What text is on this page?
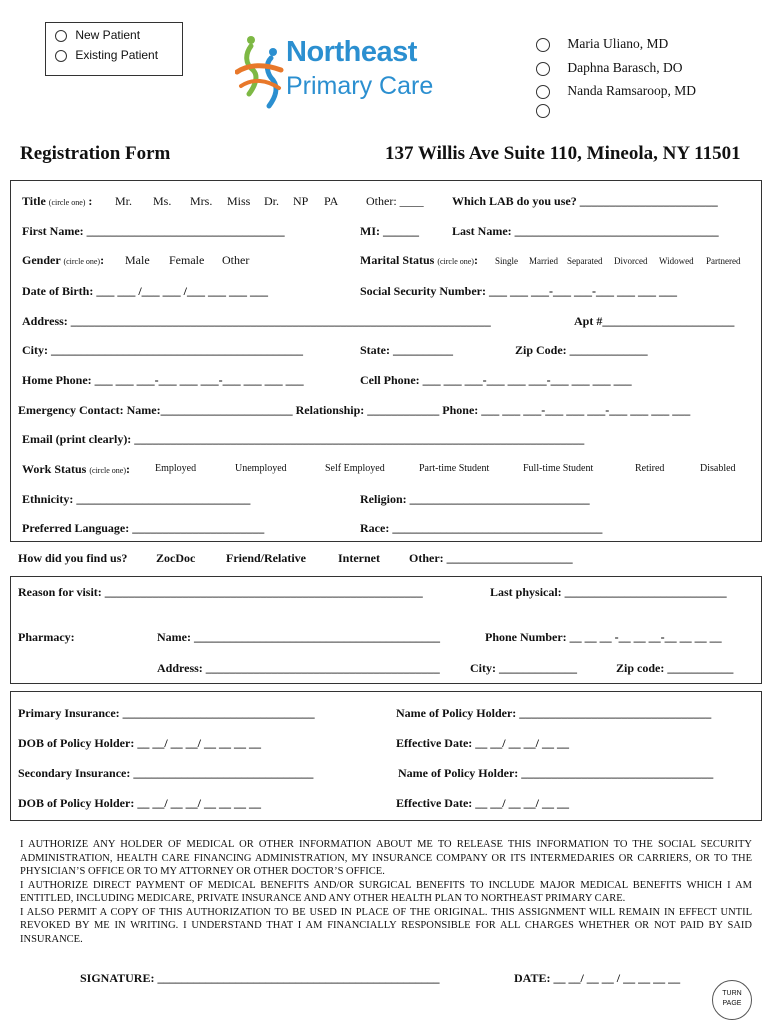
New Patient
Existing Patient	Northeast
Primary Care
Maria Uliano, MD
Daphna Barasch, DO
Nanda Ramsaroop, MD
Registration Form	137 Willis Ave Suite 110, Mineola, NY 11501
Title (circle one) : Mr. Ms. Mrs. Miss Dr. NP PA Other: ____ Which LAB do you use? _______________________
First Name: _________________________________	MI: ______	Last Name: __________________________________
Gender (circle one): Male Female Other	Marital Status (circle one): Single Married Separated Divorced Widowed Partnered
Date of Birth: ___ ___ /___ ___ /___ ___ ___ ___	Social Security Number: ___ ___ ___-___ ___-___ ___ ___ ___
Address: ______________________________________________________________________	Apt #______________________
City: __________________________________________	State: __________	Zip Code: _____________
Home Phone: ___ ___ ___-___ ___ ___-___ ___ ___ ___	Cell Phone: ___ ___ ___-___ ___ ___-___ ___ ___ ___
Emergency Contact: Name:______________________ Relationship: ____________ Phone: ___ ___ ___-___ ___ ___-___ ___ ___ ___
Email (print clearly): ___________________________________________________________________________
Work Status (circle one):	Employed	Unemployed	Self Employed	Part-time Student	Full-time Student	Retired	Disabled
Ethnicity: _____________________________	Religion: ______________________________
Preferred Language: ______________________	Race: ___________________________________
How did you find us? ZocDoc	Friend/Relative	Internet Other: _____________________
Reason for visit: _____________________________________________________	Last physical: ___________________________
Pharmacy:	Name: _________________________________________	Phone Number: __ __ __ -__ __ __-__ __ __ __
Address: _______________________________________	City: _____________	Zip code: ___________
Primary Insurance: ________________________________	Name of Policy Holder: ________________________________
DOB of Policy Holder: __ __/ __ __/ __ __ __ __	Effective Date: __ __/ __ __/ __ __
Secondary Insurance: ______________________________	Name of Policy Holder: ________________________________
DOB of Policy Holder: __ __/ __ __/ __ __ __ __	Effective Date: __ __/ __ __/ __ __

I AUTHORIZE ANY HOLDER OF MEDICAL OR OTHER INFORMATION ABOUT ME TO RELEASE THIS INFORMATION TO THE SOCIAL SECURITY ADMINISTRATION, HEALTH CARE FINANCING ADMINISTRATION, MY INSURANCE COMPANY OR ITS INTERMEDARIES OR CARRIERS, OR TO THE PHYSICIAN’S OFFICE OR TO MY ATTORNEY OR OTHER DOCTOR’S OFFICE.

I AUTHORIZE DIRECT PAYMENT OF MEDICAL BENEFITS AND/OR SURGICAL BENEFITS TO INCLUDE MAJOR MEDICAL BENEFITS WHICH I AM ENTITLED, INCLUDING MEDICARE, PRIVATE INSURANCE AND ANY OTHER HEALTH PLAN TO NORTHEAST PRIMARY CARE.

I ALSO PERMIT A COPY OF THIS AUTHORIZATION TO BE USED IN PLACE OF THE ORIGINAL. THIS ASSIGNMENT WILL REMAIN IN EFFECT UNTIL REVOKED BY ME IN WRITING. I UNDERSTAND THAT I AM FINANCIALLY RESPONSIBLE FOR ALL CHARGES WHETHER OR NOT PAID BY SAID INSURANCE.

SIGNATURE: _______________________________________________	DATE: __ __/ __ __ / __ __ __ __
TURN
PAGE
